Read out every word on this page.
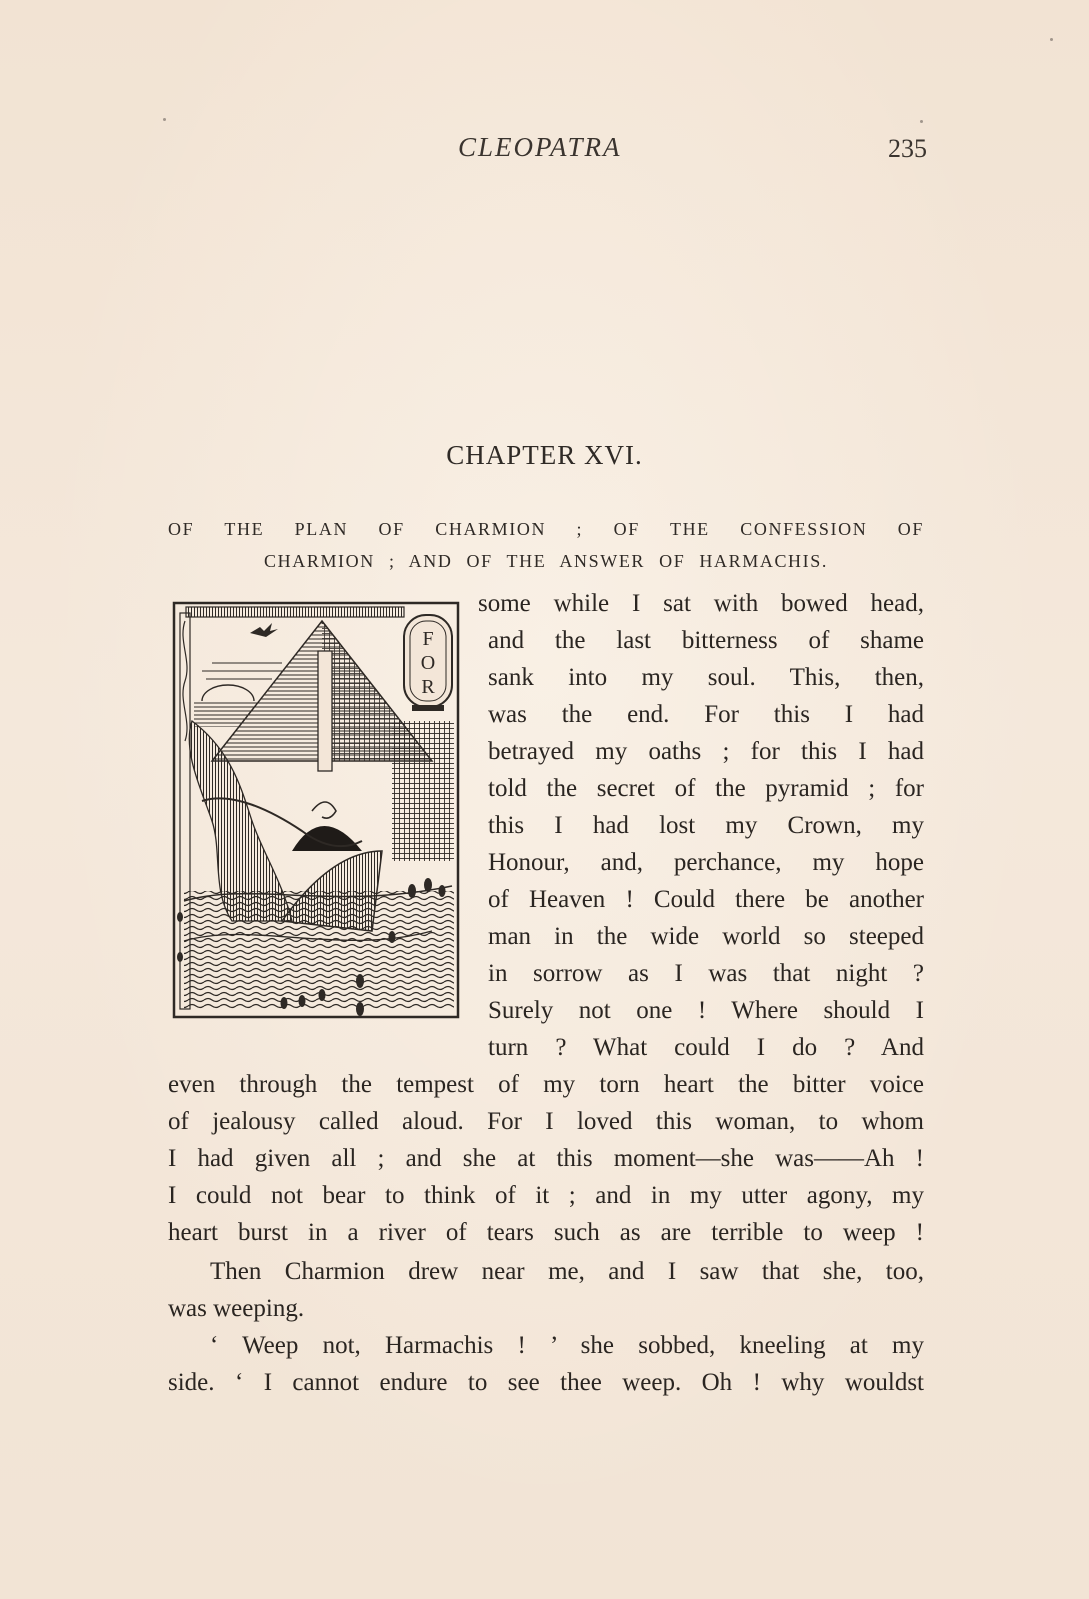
CLEOPATRA	235
CHAPTER XVI.
OF THE PLAN OF CHARMION ; OF THE CONFESSION OF
CHARMION ; AND OF THE ANSWER OF HARMACHIS.
F
O
R
some while I sat with bowed head,
and the last bitterness of shame
sank into my soul. This, then,
was the end. For this I had
betrayed my oaths ; for this I had
told the secret of the pyramid ; for
this I had lost my Crown, my
Honour, and, perchance, my hope
of Heaven ! Could there be another
man in the wide world so steeped
in sorrow as I was that night ?
Surely not one ! Where should I
turn ? What could I do ? And
even through the tempest of my torn heart the bitter voice
of jealousy called aloud. For I loved this woman, to whom
I had given all ; and she at this moment—she was——Ah !
I could not bear to think of it ; and in my utter agony, my
heart burst in a river of tears such as are terrible to weep !
Then Charmion drew near me, and I saw that she, too,
was weeping.
‘ Weep not, Harmachis ! ’ she sobbed, kneeling at my
side. ‘ I cannot endure to see thee weep. Oh ! why wouldst
